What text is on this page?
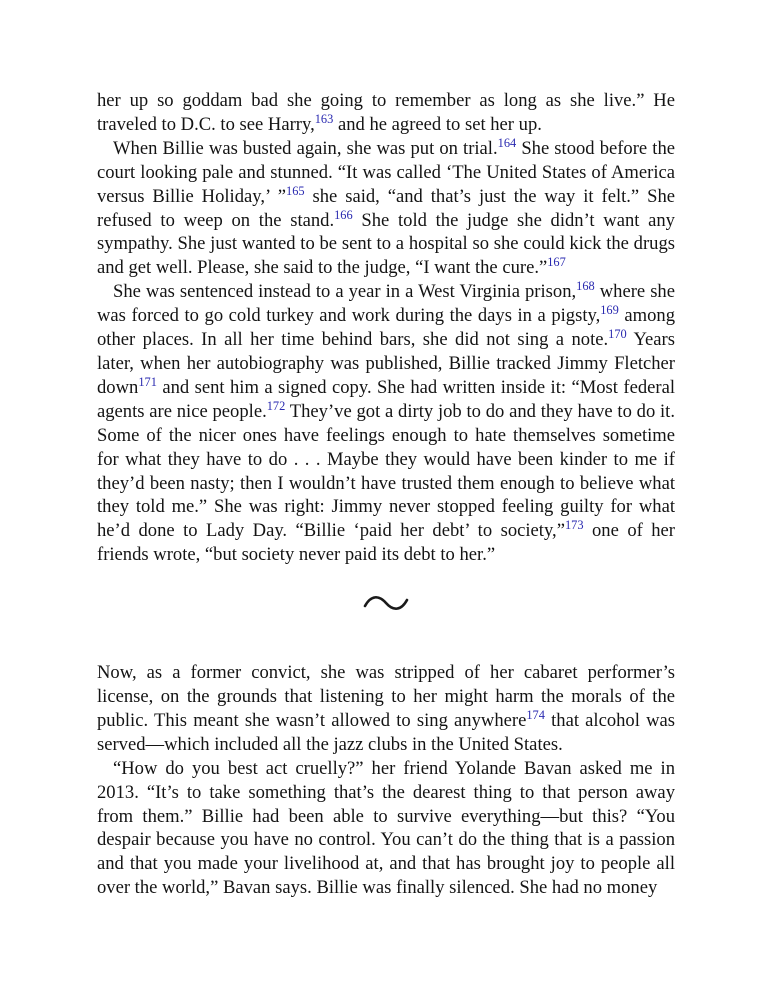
her up so goddam bad she going to remember as long as she live.” He traveled to D.C. to see Harry,$^{163}$ and he agreed to set her up.

When Billie was busted again, she was put on trial.$^{164}$ She stood before the court looking pale and stunned. “It was called ‘The United States of America versus Billie Holiday,’ ”$^{165}$ she said, “and that’s just the way it felt.” She refused to weep on the stand.$^{166}$ She told the judge she didn’t want any sympathy. She just wanted to be sent to a hospital so she could kick the drugs and get well. Please, she said to the judge, “I want the cure.”$^{167}$

She was sentenced instead to a year in a West Virginia prison,$^{168}$ where she was forced to go cold turkey and work during the days in a pigsty,$^{169}$ among other places. In all her time behind bars, she did not sing a note.$^{170}$ Years later, when her autobiography was published, Billie tracked Jimmy Fletcher down$^{171}$ and sent him a signed copy. She had written inside it: “Most federal agents are nice people.$^{172}$ They’ve got a dirty job to do and they have to do it. Some of the nicer ones have feelings enough to hate themselves sometime for what they have to do . . . Maybe they would have been kinder to me if they’d been nasty; then I wouldn’t have trusted them enough to believe what they told me.” She was right: Jimmy never stopped feeling guilty for what he’d done to Lady Day. “Billie ‘paid her debt’ to society,”$^{173}$ one of her friends wrote, “but society never paid its debt to her.”

Now, as a former convict, she was stripped of her cabaret performer’s license, on the grounds that listening to her might harm the morals of the public. This meant she wasn’t allowed to sing anywhere$^{174}$ that alcohol was served—which included all the jazz clubs in the United States.

“How do you best act cruelly?” her friend Yolande Bavan asked me in 2013. “It’s to take something that’s the dearest thing to that person away from them.” Billie had been able to survive everything—but this? “You despair because you have no control. You can’t do the thing that is a passion and that you made your livelihood at, and that has brought joy to people all over the world,” Bavan says. Billie was finally silenced. She had no money
